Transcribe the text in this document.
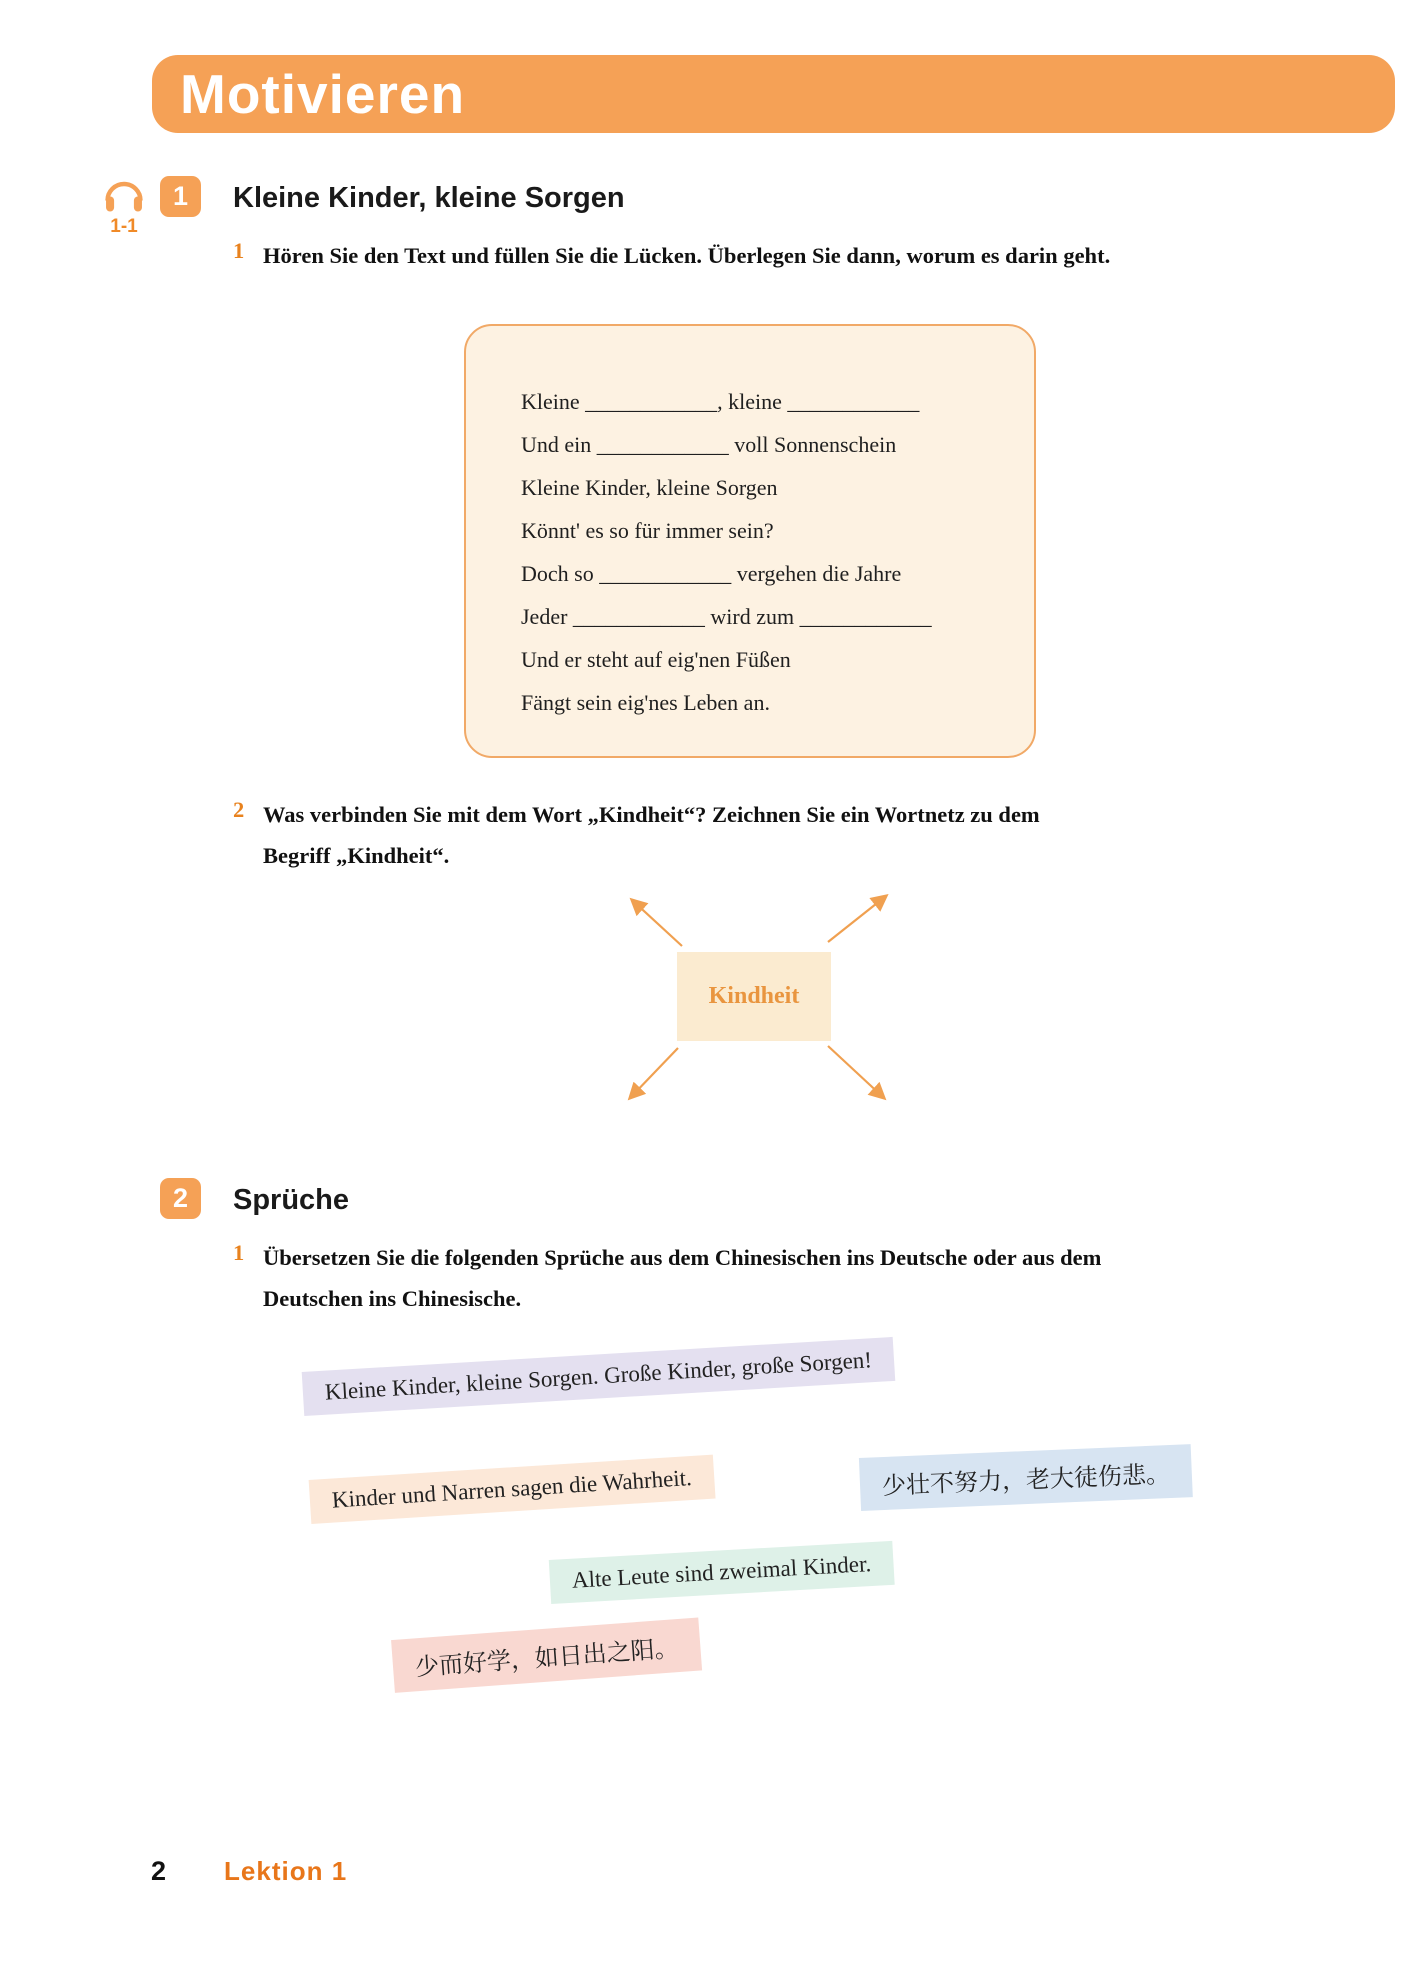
Motivieren
1-1
1	Kleine Kinder, kleine Sorgen
1 Hören Sie den Text und füllen Sie die Lücken. Überlegen Sie dann, worum es darin geht.
Kleine ____________, kleine ____________
Und ein ____________ voll Sonnenschein
Kleine Kinder, kleine Sorgen
Könnt' es so für immer sein?
Doch so ____________ vergehen die Jahre
Jeder ____________ wird zum ____________
Und er steht auf eig'nen Füßen
Fängt sein eig'nes Leben an.
2 Was verbinden Sie mit dem Wort „Kindheit“? Zeichnen Sie ein Wortnetz zu dem Begriff „Kindheit“.
Kindheit
2	Sprüche
1 Übersetzen Sie die folgenden Sprüche aus dem Chinesischen ins Deutsche oder aus dem Deutschen ins Chinesische.
Kleine Kinder, kleine Sorgen. Große Kinder, große Sorgen!
Kinder und Narren sagen die Wahrheit.	少壮不努力，老大徒伤悲。
Alte Leute sind zweimal Kinder.
少而好学，如日出之阳。
2 Lektion 1
